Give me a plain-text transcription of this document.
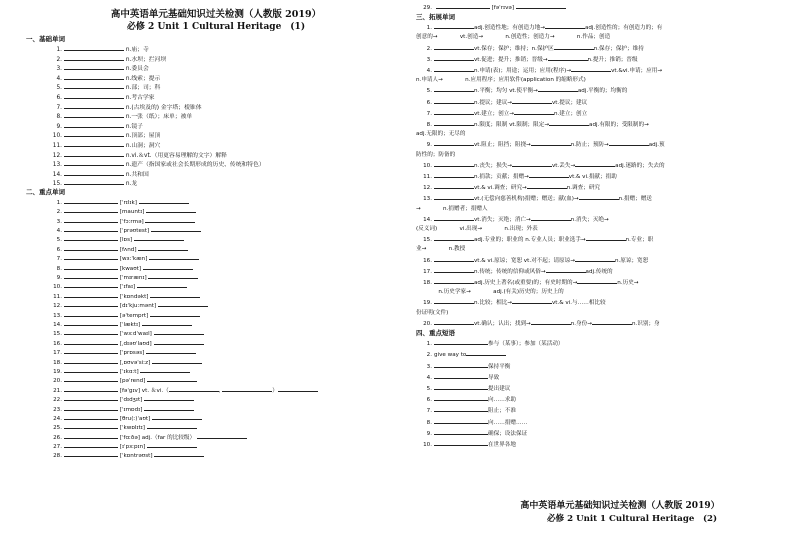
高中英语单元基础知识过关检测（人教版 2019）

必修 2 Unit 1 Cultural Heritage　(1)

一、基础单词

1.	n.庙；寺
2.	n.水坝；拦河坝
3.	n.委员会
4.	n.线索；提示
5.	n.部；司；科
6.	n.考古学家
7.	n.(古埃及的) 金字塔；棱锥体
8.	n.一张（纸）；床单；被单
9.	n.镜子
10.	n.顶部；屋顶
11.	n.山洞；洞穴
12.	n.vi.＆vt.（用更容易理解的文字）解释
13.	n.遗产（指国家或社会长期形成的历史、传统和特色）
14.	n.共和国
15.	n.龙

二、重点单词

1.	[ˈrɪlɪk]
2.	[mauntɪ]
3.	[ˈfɔːrmə]
4.	[ˈprəʊtest]
5.	[lɒs]
6.	[fʌnd]
7.	[wɜːˈkæn]
8.	[kwaʊt]
9.	[ˈmɪrænɪ]
10.	[ˈɪfaɪ]
11.	[ˈkɒndəkt]
12.	[dɪˈkjuːmənt]
13.	[əˈtemprt]
14.	[ˈlæktɪ]
15.	[ˈwɜːdˈwaɪl]
16.	[ˌdɪəʊˈlaʊd]
17.	[ˈprɒsəs]
18.	[ˌɒʊvəˈsiːz]
19.	[ˈɪkɑːt]
20.	[pəˈrend]
21.	[fəˈgɪv] vt. ＆vi.（	,	）
22.	[ˈdɪdʒɪt]
23.	[ˈɪmɒdɪ]
24.	[θru(ː)ˈaʊt]
25.	[ˈkwɒlɪtɪ]
26.	[ˈfɑːðə] adj.（far 的比较级）
27.	[ɪˈpɜːpɪn]
28.	[ˈkɒntrəʊst]
29.	[fəˈrɪvə]

三、拓展单词

1.	adj.创造性地；有创造力地→	adj.创造性的；有创造力的；有
创意的→　　　　vt.创造→　　　　n.创造性；创造力→　　　　n.作品；创造
2.	vt.保存；保护；维持；n.保护区	n.保存；保护；维持
3.	vt.促进；提升；推销；晋级→	n.提升；推销；晋级
4.	n.申请(表)；用途；运用；应用(程序)→	vt.&vi.申请；应用→
n.申请人→　　　　n.应用程序；应用软件(application 的缩略形式)
5.	n.平衡；均匀 vt.使平衡→	adj.平衡的；均衡的
6.	n.提议；建议→	vt.提议；建议
7.	vt.建立；创立→	n.建立；创立
8.	n.限度；限制 vt.限制；限定→	adj.有限的；受限制的→
adj.无限的；无尽的
9.	vt.阻止；阻挡；阻挠→	n.防止；预防→	adj.预
防性的；防备的
10.	n.丧失；损失→	vt.丢失→	adj.迷路的；失去的
11.	n.捐款；贡献；捐赠→	vt.& vi.捐献；捐助
12.	vt.& vi.调查；研究→	n.调查；研究
13.	vt.(无偿向慈善机构)捐赠；赠送；献(血)→	n.捐赠；赠送
→　　　　n.捐赠者；捐赠人
14.	vt.消失；灭绝；消亡→	n.消失；灭绝→
(反义词)　　　　vi.出现→　　　　n.出现；外表
15.	adj.专业的；职业的 n.专业人员；职业选手→	n.专业；职
业→　　　　n.教授
16.	vt.& vi.原谅；宽恕 vt.对不起；请原谅→	n.原谅；宽恕
17.	n.传统；传统的信仰或风俗→	adj.传统的
18.	adj.历史上著名(或重要)的；有史时期的→	n.历史→
　　　　n.历史学家→　　　　adj.(有关)历史的；历史上的
19.	n.比较；相比→	vt.& vi.与……相比较
份证明(文件)
20.	vt.确认；认出；找到→	n.身份→	n.识别；身

四、重点短语

1.	参与（某事）；参加（某活动）
2. give way to
3.	保持平衡
4.	导致
5.	提出建议
6.	向……求助
7.	阻止；不准
8.	向……捐赠……
9.	确保；设法保证
10.	在世界各地

高中英语单元基础知识过关检测（人教版 2019）

必修 2 Unit 1 Cultural Heritage　(2)
